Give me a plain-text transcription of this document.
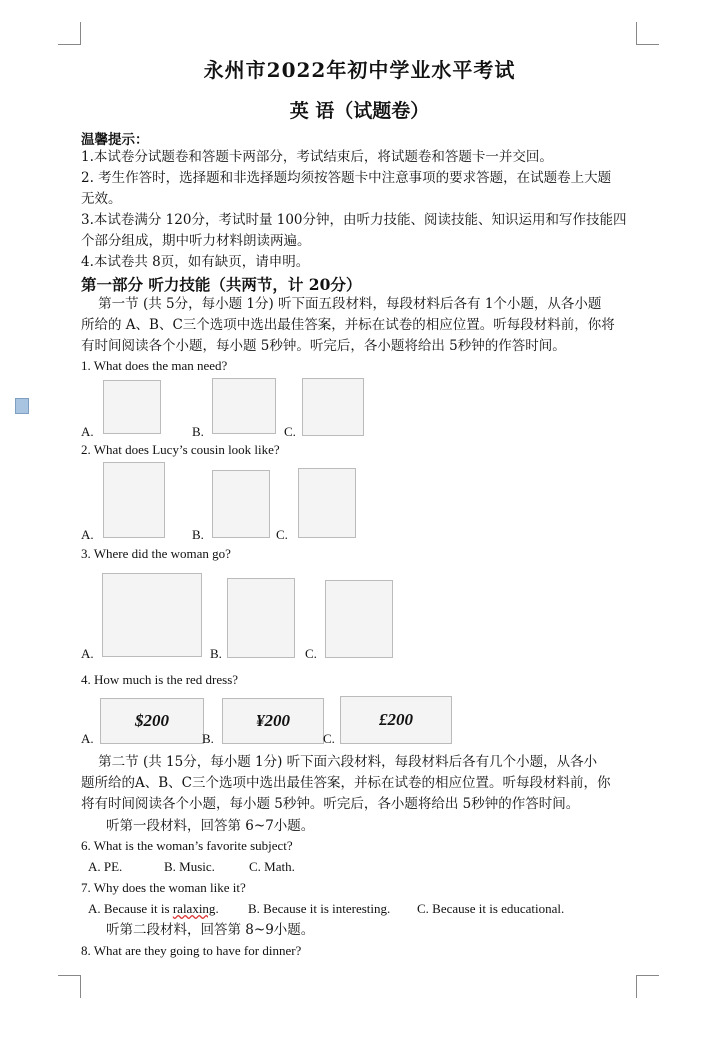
永州市2022年初中学业水平考试
英 语（试题卷）
温馨提示：
1.本试卷分试题卷和答题卡两部分，考试结束后，将试题卷和答题卡一并交回。
2. 考生作答时，选择题和非选择题均须按答题卡中注意事项的要求答题，在试题卷上大题
无效。
3.本试卷满分 120分，考试时量 100分钟，由听力技能、阅读技能、知识运用和写作技能四
个部分组成，期中听力材料朗读两遍。
4.本试卷共 8页，如有缺页，请申明。
第一部分 听力技能（共两节，计 20分）
第一节 (共 5分，每小题 1分) 听下面五段材料，每段材料后各有 1个小题，从各小题
所给的 A、B、C三个选项中选出最佳答案，并标在试卷的相应位置。听每段材料前，你将
有时间阅读各个小题，每小题 5秒钟。听完后，各小题将给出 5秒钟的作答时间。
1. What does the man need?
A.	B.	C.
2. What does Lucy’s cousin look like?
A.	B.	C.
3. Where did the woman go?
A.	B.	C.
4. How much is the red dress?
$200	¥200	£200
A.	B.	C.
第二节 (共 15分，每小题 1分) 听下面六段材料，每段材料后各有几个小题，从各小
题所给的A、B、C三个选项中选出最佳答案，并标在试卷的相应位置。听每段材料前，你
将有时间阅读各个小题，每小题 5秒钟。听完后，各小题将给出 5秒钟的作答时间。
听第一段材料，回答第 6~7小题。
6. What is the woman’s favorite subject?
A. PE.	B. Music.	C. Math.
7. Why does the woman like it?
A. Because it is ralaxing. B. Because it is interesting. C. Because it is educational.
听第二段材料，回答第 8~9小题。
8. What are they going to have for dinner?
